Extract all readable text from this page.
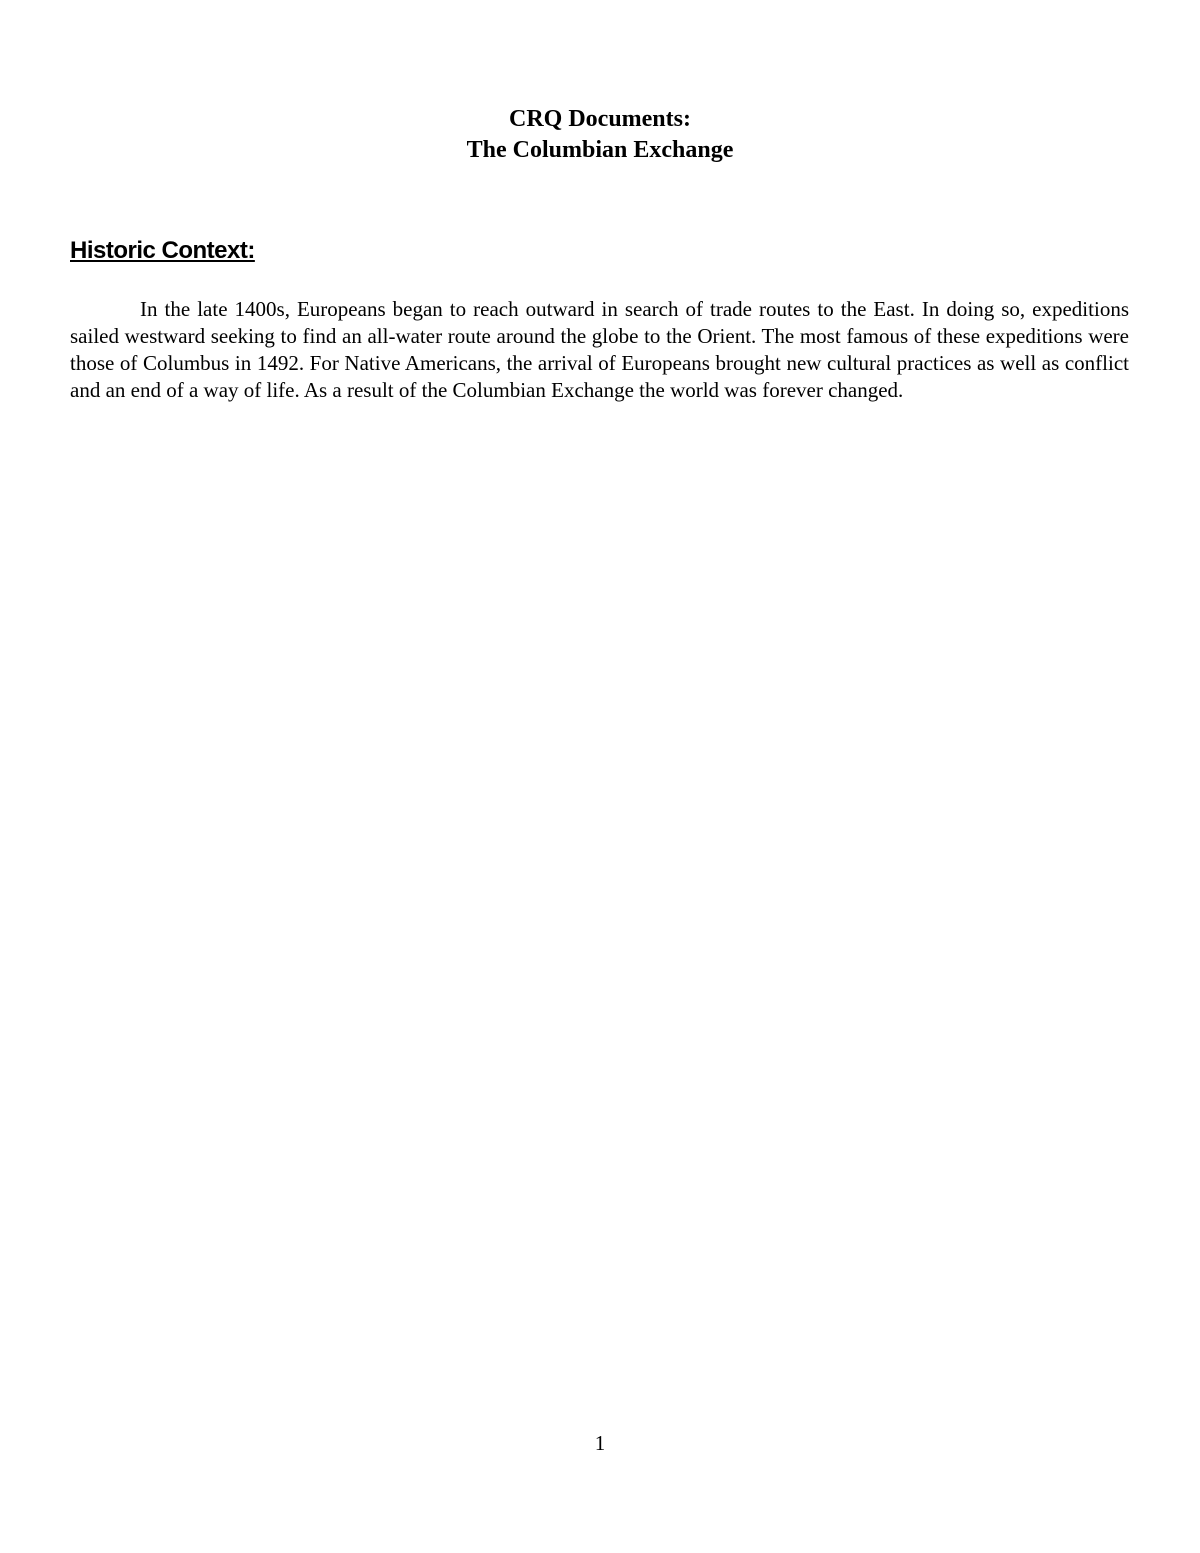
CRQ Documents:
The Columbian Exchange
Historic Context:

In the late 1400s, Europeans began to reach outward in search of trade routes to the East. In doing so, expeditions sailed westward seeking to find an all-water route around the globe to the Orient. The most famous of these expeditions were those of Columbus in 1492. For Native Americans, the arrival of Europeans brought new cultural practices as well as conflict and an end of a way of life. As a result of the Columbian Exchange the world was forever changed.

1
